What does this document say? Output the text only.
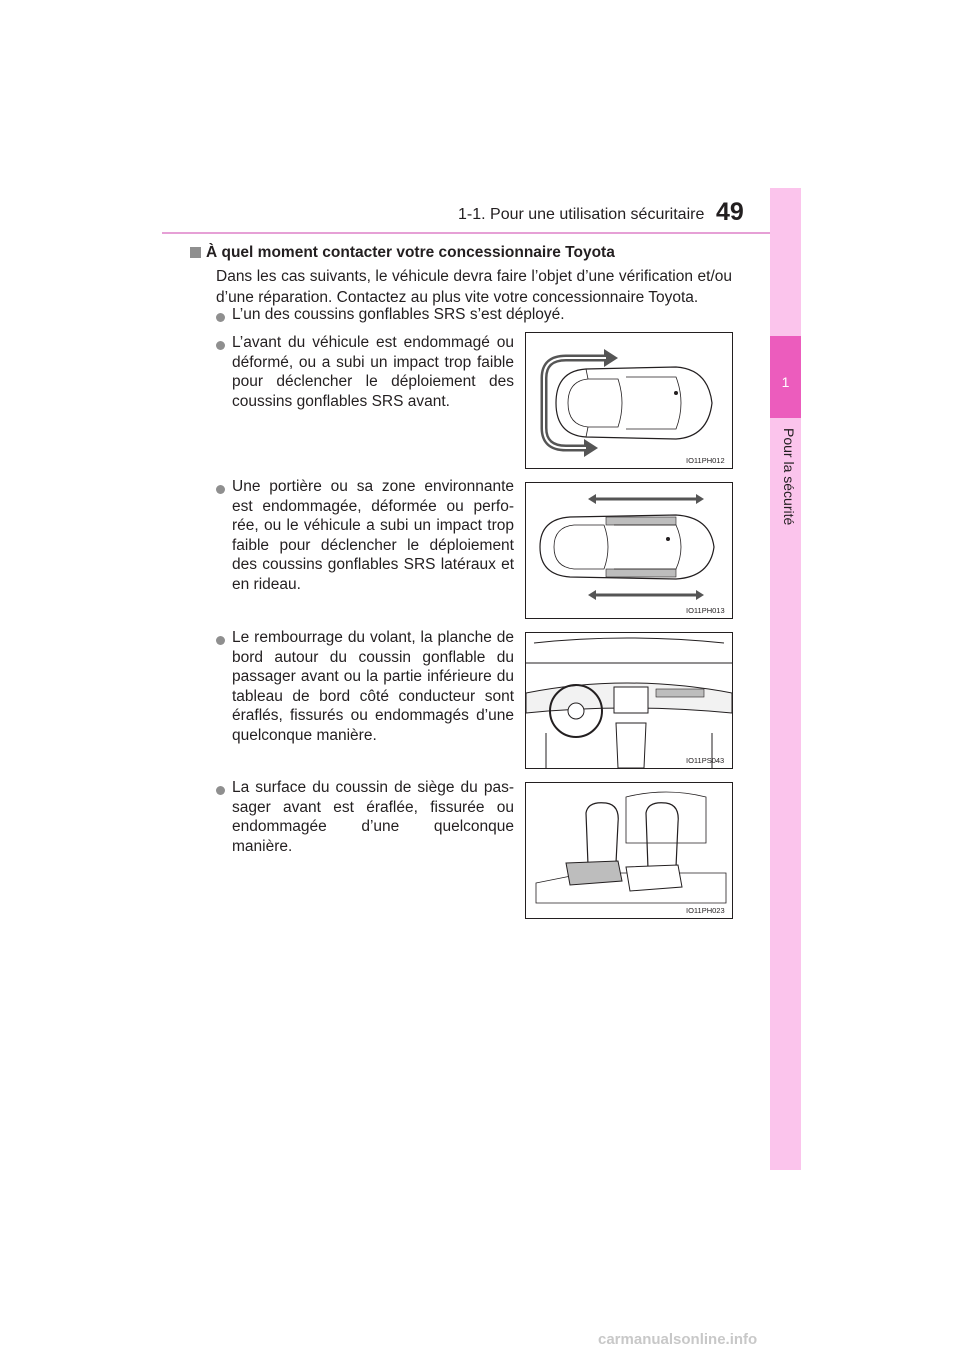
1-1. Pour une utilisation sécuritaire 49
1
Pour la sécurité
À quel moment contacter votre concessionnaire Toyota
Dans les cas suivants, le véhicule devra faire l’objet d’une vérification et/ou d’une réparation. Contactez au plus vite votre concessionnaire Toyota.
L’un des coussins gonflables SRS s’est déployé.
L’avant du véhicule est endommagé ou déformé, ou a subi un impact trop faible pour déclencher le déploiement des coussins gonflables SRS avant.
IO11PH012
Une portière ou sa zone environnante est endommagée, déformée ou perfo-rée, ou le véhicule a subi un impact trop faible pour déclencher le déploiement des coussins gonflables SRS latéraux et en rideau.
IO11PH013
Le rembourrage du volant, la planche de bord autour du coussin gonflable du passager avant ou la partie inférieure du tableau de bord côté conducteur sont éraflés, fissurés ou endommagés d’une quelconque manière.
IO11PS043
La surface du coussin de siège du pas-sager avant est éraflée, fissurée ou endommagée d’une quelconque manière.
IO11PH023
carmanualsonline.info
